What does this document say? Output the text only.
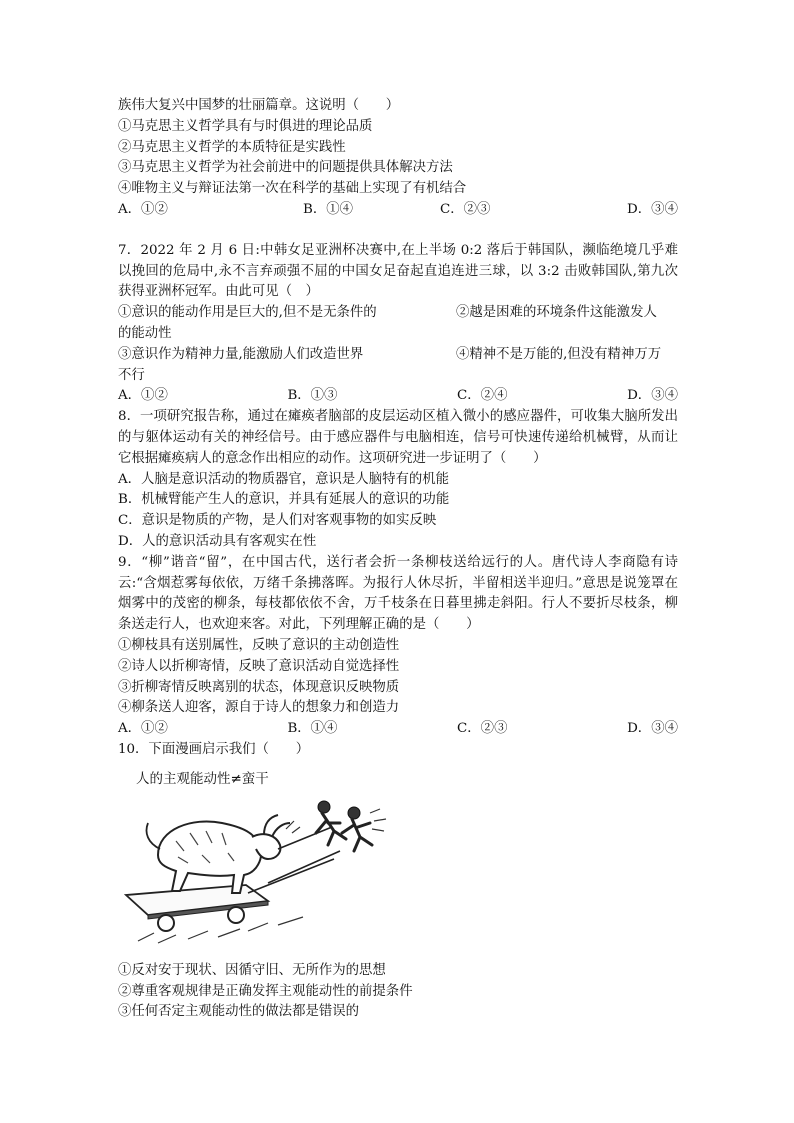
族伟大复兴中国梦的壮丽篇章。这说明（　　）
①马克思主义哲学具有与时俱进的理论品质
②马克思主义哲学的本质特征是实践性
③马克思主义哲学为社会前进中的问题提供具体解决方法
④唯物主义与辩证法第一次在科学的基础上实现了有机结合
A．①②	B．①④	C．②③	D．③④
7．2022 年 2 月 6 日:中韩女足亚洲杯决赛中,在上半场 0:2 落后于韩国队，濒临绝境几乎难以挽回的危局中,永不言弃顽强不屈的中国女足奋起直追连进三球，以 3:2 击败韩国队,第九次获得亚洲杯冠军。由此可见（　）
①意识的能动作用是巨大的,但不是无条件的	②越是困难的环境条件这能激发人
的能动性
③意识作为精神力量,能激励人们改造世界	④精神不是万能的,但没有精神万万
不行
A．①②	B．①③	C．②④	D．③④
8．一项研究报告称，通过在瘫痪者脑部的皮层运动区植入微小的感应器件，可收集大脑所发出的与躯体运动有关的神经信号。由于感应器件与电脑相连，信号可快速传递给机械臂，从而让它根据瘫痪病人的意念作出相应的动作。这项研究进一步证明了（　　）
A．人脑是意识活动的物质器官，意识是人脑特有的机能
B．机械臂能产生人的意识，并具有延展人的意识的功能
C．意识是物质的产物，是人们对客观事物的如实反映
D．人的意识活动具有客观实在性
9．“柳”谐音“留”，在中国古代，送行者会折一条柳枝送给远行的人。唐代诗人李商隐有诗云:“含烟惹雾每依依，万绪千条拂落晖。为报行人休尽折，半留相送半迎归。”意思是说笼罩在烟雾中的茂密的柳条，每枝都依依不舍，万千枝条在日暮里拂走斜阳。行人不要折尽枝条，柳条送走行人，也欢迎来客。对此，下列理解正确的是（　　）
①柳枝具有送别属性，反映了意识的主动创造性
②诗人以折柳寄情，反映了意识活动自觉选择性
③折柳寄情反映离别的状态，体现意识反映物质
④柳条送人迎客，源自于诗人的想象力和创造力
A．①②	B．①④	C．②③	D．③④
10．下面漫画启示我们（　　）
人的主观能动性≠蛮干
①反对安于现状、因循守旧、无所作为的思想
②尊重客观规律是正确发挥主观能动性的前提条件
③任何否定主观能动性的做法都是错误的
